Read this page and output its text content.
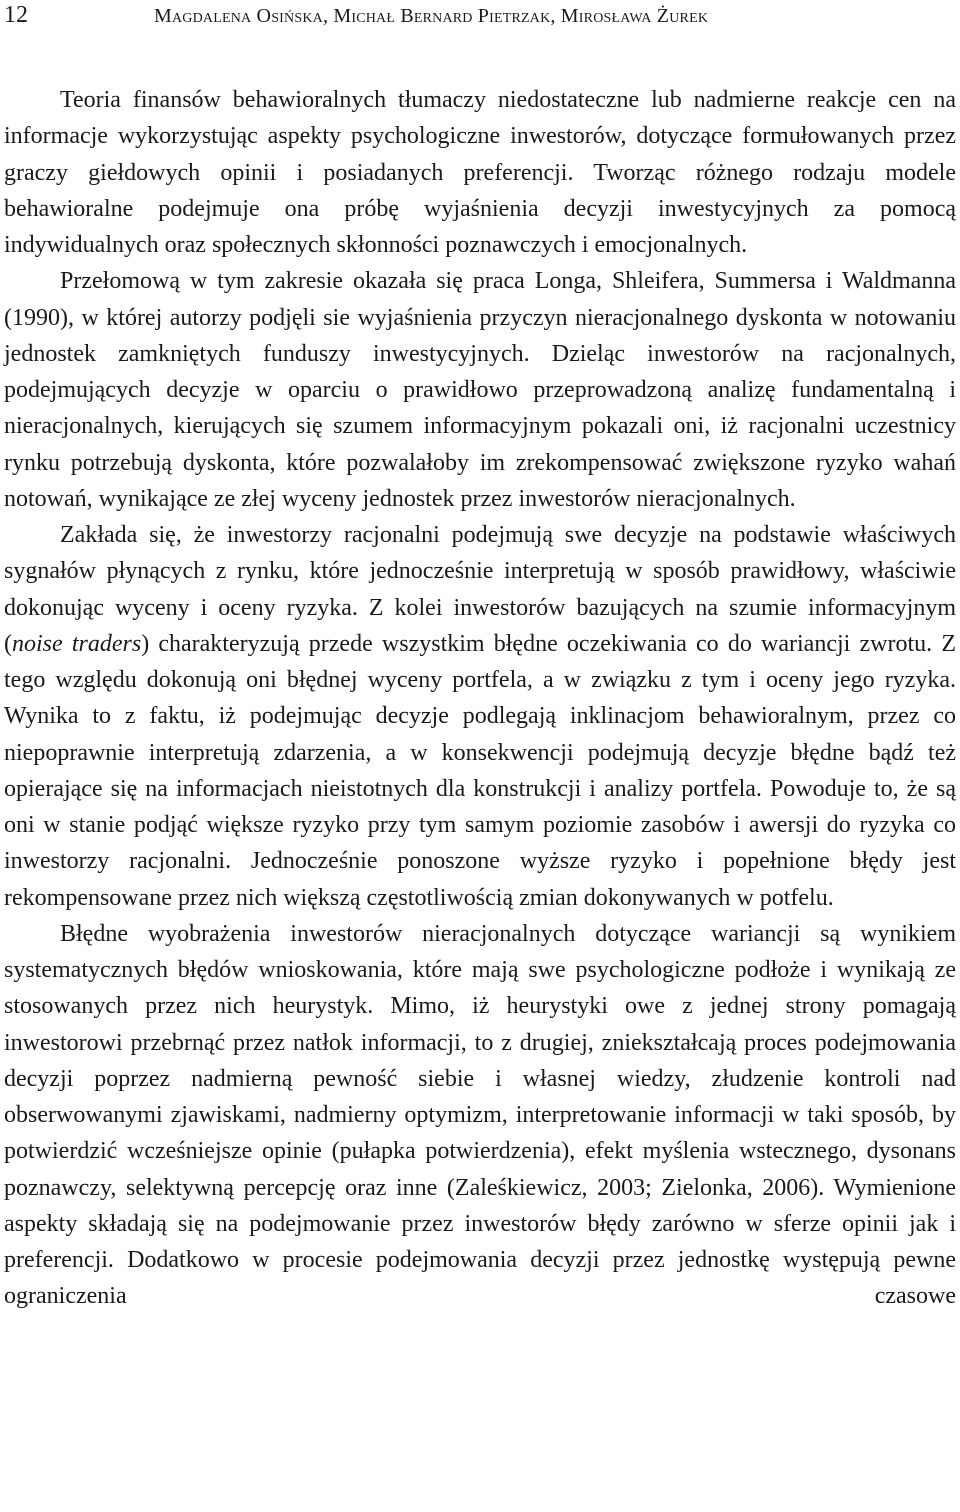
12	Magdalena Osińska, Michał Bernard Pietrzak, Mirosława Żurek

Teoria finansów behawioralnych tłumaczy niedostateczne lub nadmierne reakcje cen na informacje wykorzystując aspekty psychologiczne inwestorów, dotyczące formułowanych przez graczy giełdowych opinii i posiadanych preferencji. Tworząc różnego rodzaju modele behawioralne podejmuje ona próbę wyjaśnienia decyzji inwestycyjnych za pomocą indywidualnych oraz społecznych skłonności poznawczych i emocjonalnych.

Przełomową w tym zakresie okazała się praca Longa, Shleifera, Summersa i Waldmanna (1990), w której autorzy podjęli sie wyjaśnienia przyczyn nieracjonalnego dyskonta w notowaniu jednostek zamkniętych funduszy inwestycyjnych. Dzieląc inwestorów na racjonalnych, podejmujących decyzje w oparciu o prawidłowo przeprowadzoną analizę fundamentalną i nieracjonalnych, kierujących się szumem informacyjnym pokazali oni, iż racjonalni uczestnicy rynku potrzebują dyskonta, które pozwalałoby im zrekompensować zwiększone ryzyko wahań notowań, wynikające ze złej wyceny jednostek przez inwestorów nieracjonalnych.

Zakłada się, że inwestorzy racjonalni podejmują swe decyzje na podstawie właściwych sygnałów płynących z rynku, które jednocześnie interpretują w sposób prawidłowy, właściwie dokonując wyceny i oceny ryzyka. Z kolei inwestorów bazujących na szumie informacyjnym (noise traders) charakteryzują przede wszystkim błędne oczekiwania co do wariancji zwrotu. Z tego względu dokonują oni błędnej wyceny portfela, a w związku z tym i oceny jego ryzyka. Wynika to z faktu, iż podejmując decyzje podlegają inklinacjom behawioralnym, przez co niepoprawnie interpretują zdarzenia, a w konsekwencji podejmują decyzje błędne bądź też opierające się na informacjach nieistotnych dla konstrukcji i analizy portfela. Powoduje to, że są oni w stanie podjąć większe ryzyko przy tym samym poziomie zasobów i awersji do ryzyka co inwestorzy racjonalni. Jednocześnie ponoszone wyższe ryzyko i popełnione błędy jest rekompensowane przez nich większą częstotliwością zmian dokonywanych w potfelu.

Błędne wyobrażenia inwestorów nieracjonalnych dotyczące wariancji są wynikiem systematycznych błędów wnioskowania, które mają swe psychologiczne podłoże i wynikają ze stosowanych przez nich heurystyk. Mimo, iż heurystyki owe z jednej strony pomagają inwestorowi przebrnąć przez natłok informacji, to z drugiej, zniekształcają proces podejmowania decyzji poprzez nadmierną pewność siebie i własnej wiedzy, złudzenie kontroli nad obserwowanymi zjawiskami, nadmierny optymizm, interpretowanie informacji w taki sposób, by potwierdzić wcześniejsze opinie (pułapka potwierdzenia), efekt myślenia wstecznego, dysonans poznawczy, selektywną percepcję oraz inne (Zaleśkiewicz, 2003; Zielonka, 2006). Wymienione aspekty składają się na podejmowanie przez inwestorów błędy zarówno w sferze opinii jak i preferencji. Dodatkowo w procesie podejmowania decyzji przez jednostkę występują pewne ograniczenia czasowe
